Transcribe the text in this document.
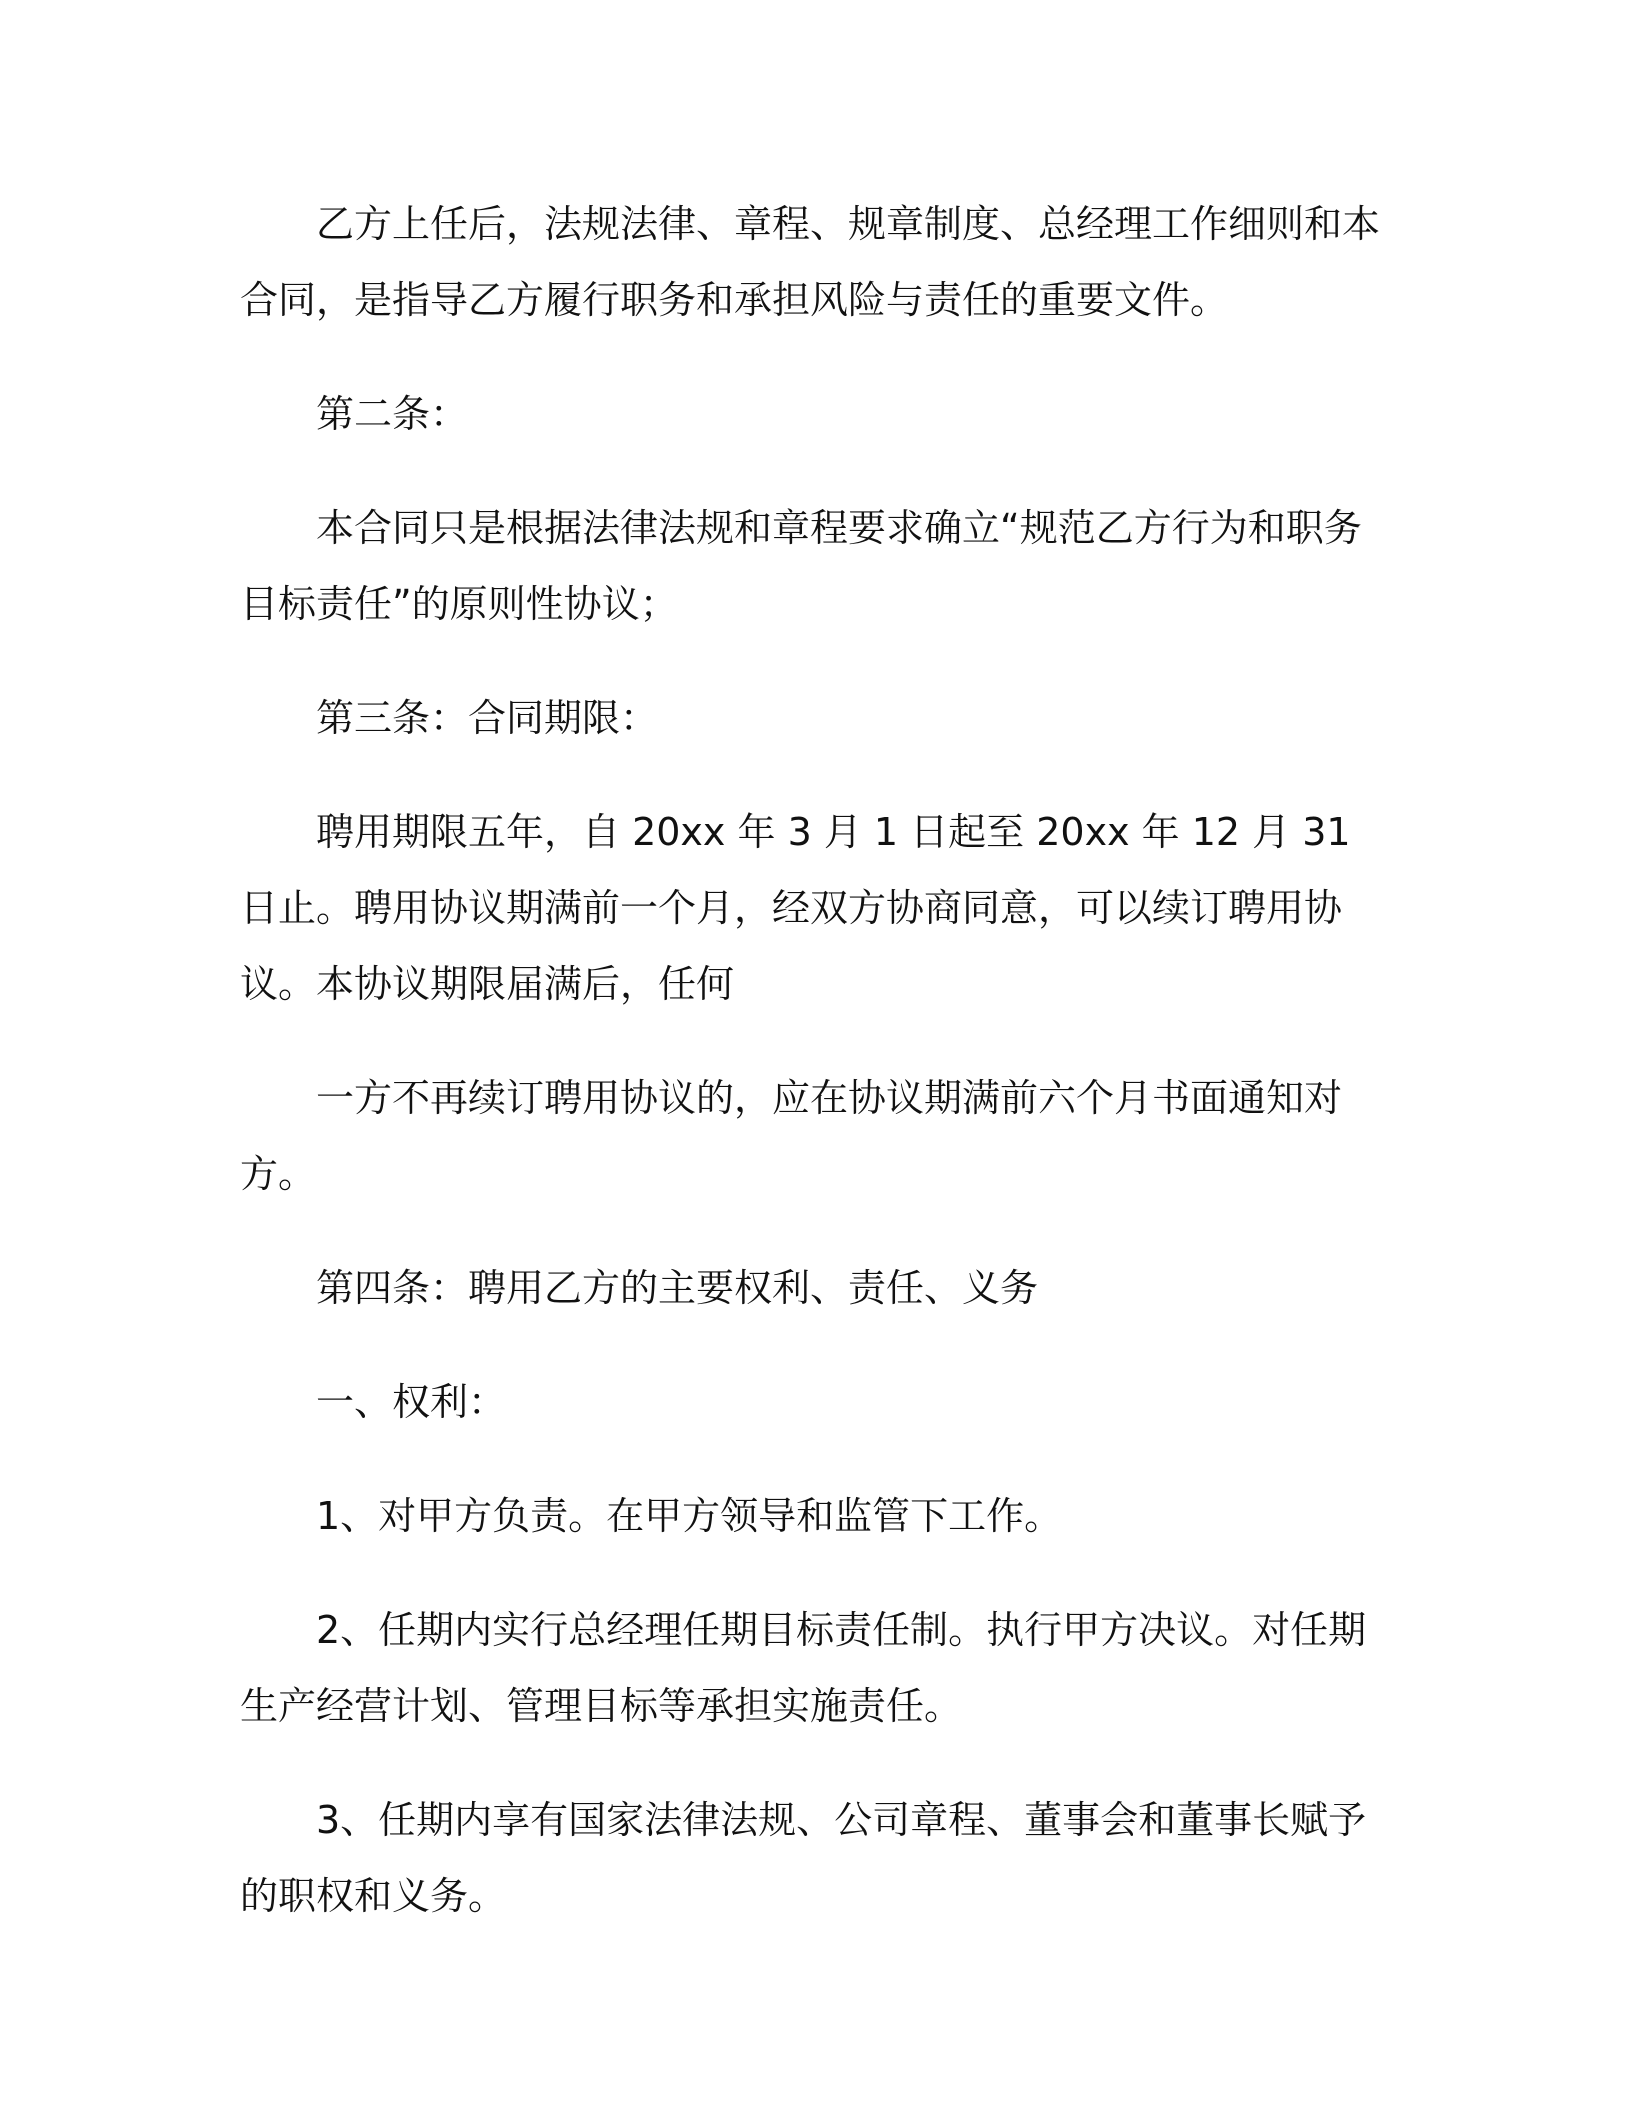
乙方上任后，法规法律、章程、规章制度、总经理工作细则和本合同，是指导乙方履行职务和承担风险与责任的重要文件。

第二条：

本合同只是根据法律法规和章程要求确立“规范乙方行为和职务目标责任”的原则性协议；

第三条：合同期限：

聘用期限五年，自 20xx 年 3 月 1 日起至 20xx 年 12 月 31 日止。聘用协议期满前一个月，经双方协商同意，可以续订聘用协议。本协议期限届满后，任何

一方不再续订聘用协议的，应在协议期满前六个月书面通知对方。

第四条：聘用乙方的主要权利、责任、义务

一、权利：

1、对甲方负责。在甲方领导和监管下工作。

2、任期内实行总经理任期目标责任制。执行甲方决议。对任期生产经营计划、管理目标等承担实施责任。

3、任期内享有国家法律法规、公司章程、董事会和董事长赋予的职权和义务。
